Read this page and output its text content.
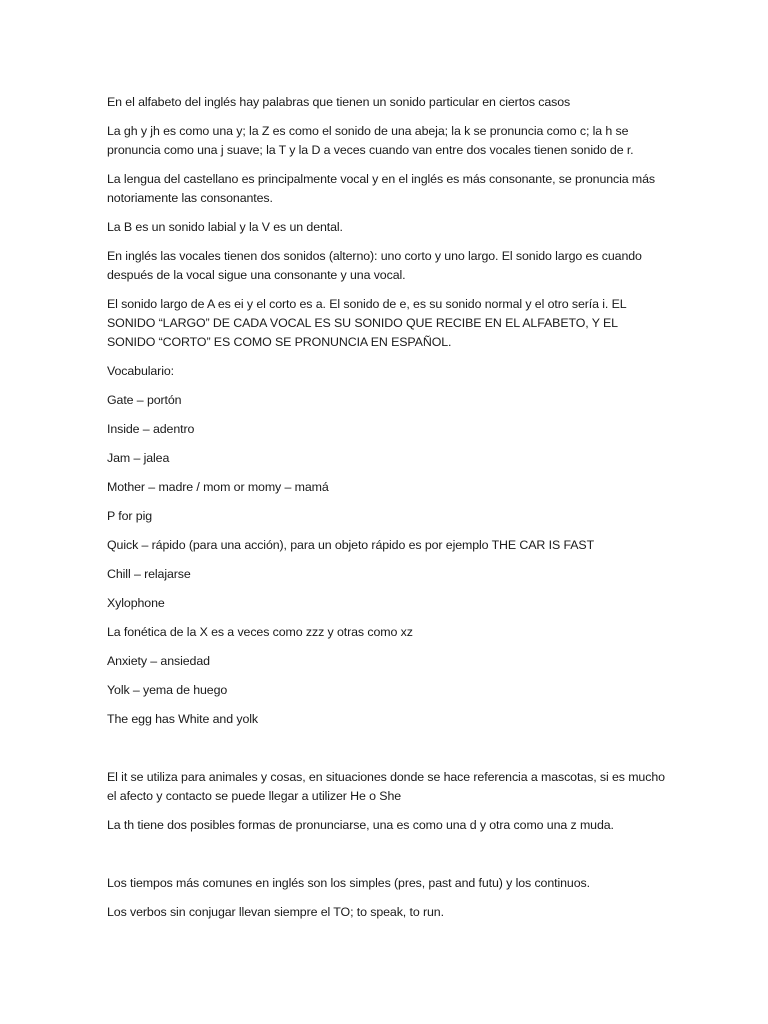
En el alfabeto del inglés hay palabras que tienen un sonido particular en ciertos casos

La gh y jh es como una y; la Z es como el sonido de una abeja; la k se pronuncia como c; la h se pronuncia como una j suave; la T y la D a veces cuando van entre dos vocales tienen sonido de r.

La lengua del castellano es principalmente vocal y en el inglés es más consonante, se pronuncia más notoriamente las consonantes.

La B es un sonido labial y la V es un dental.

En inglés las vocales tienen dos sonidos (alterno): uno corto y uno largo. El sonido largo es cuando después de la vocal sigue una consonante y una vocal.

El sonido largo de A es ei y el corto es a. El sonido de e, es su sonido normal y el otro sería i. EL SONIDO “LARGO” DE CADA VOCAL ES SU SONIDO QUE RECIBE EN EL ALFABETO, Y EL SONIDO “CORTO” ES COMO SE PRONUNCIA EN ESPAÑOL.

Vocabulario:

Gate – portón

Inside – adentro

Jam – jalea

Mother – madre / mom or momy – mamá

P for pig

Quick – rápido (para una acción), para un objeto rápido es por ejemplo THE CAR IS FAST

Chill – relajarse

Xylophone

La fonética de la X es a veces como zzz y otras como xz

Anxiety – ansiedad

Yolk – yema de huego

The egg has White and yolk

El it se utiliza para animales y cosas, en situaciones donde se hace referencia a mascotas, si es mucho el afecto y contacto se puede llegar a utilizer He o She

La th tiene dos posibles formas de pronunciarse, una es como una d y otra como una z muda.

Los tiempos más comunes en inglés son los simples (pres, past and futu) y los continuos.

Los verbos sin conjugar llevan siempre el TO; to speak, to run.
